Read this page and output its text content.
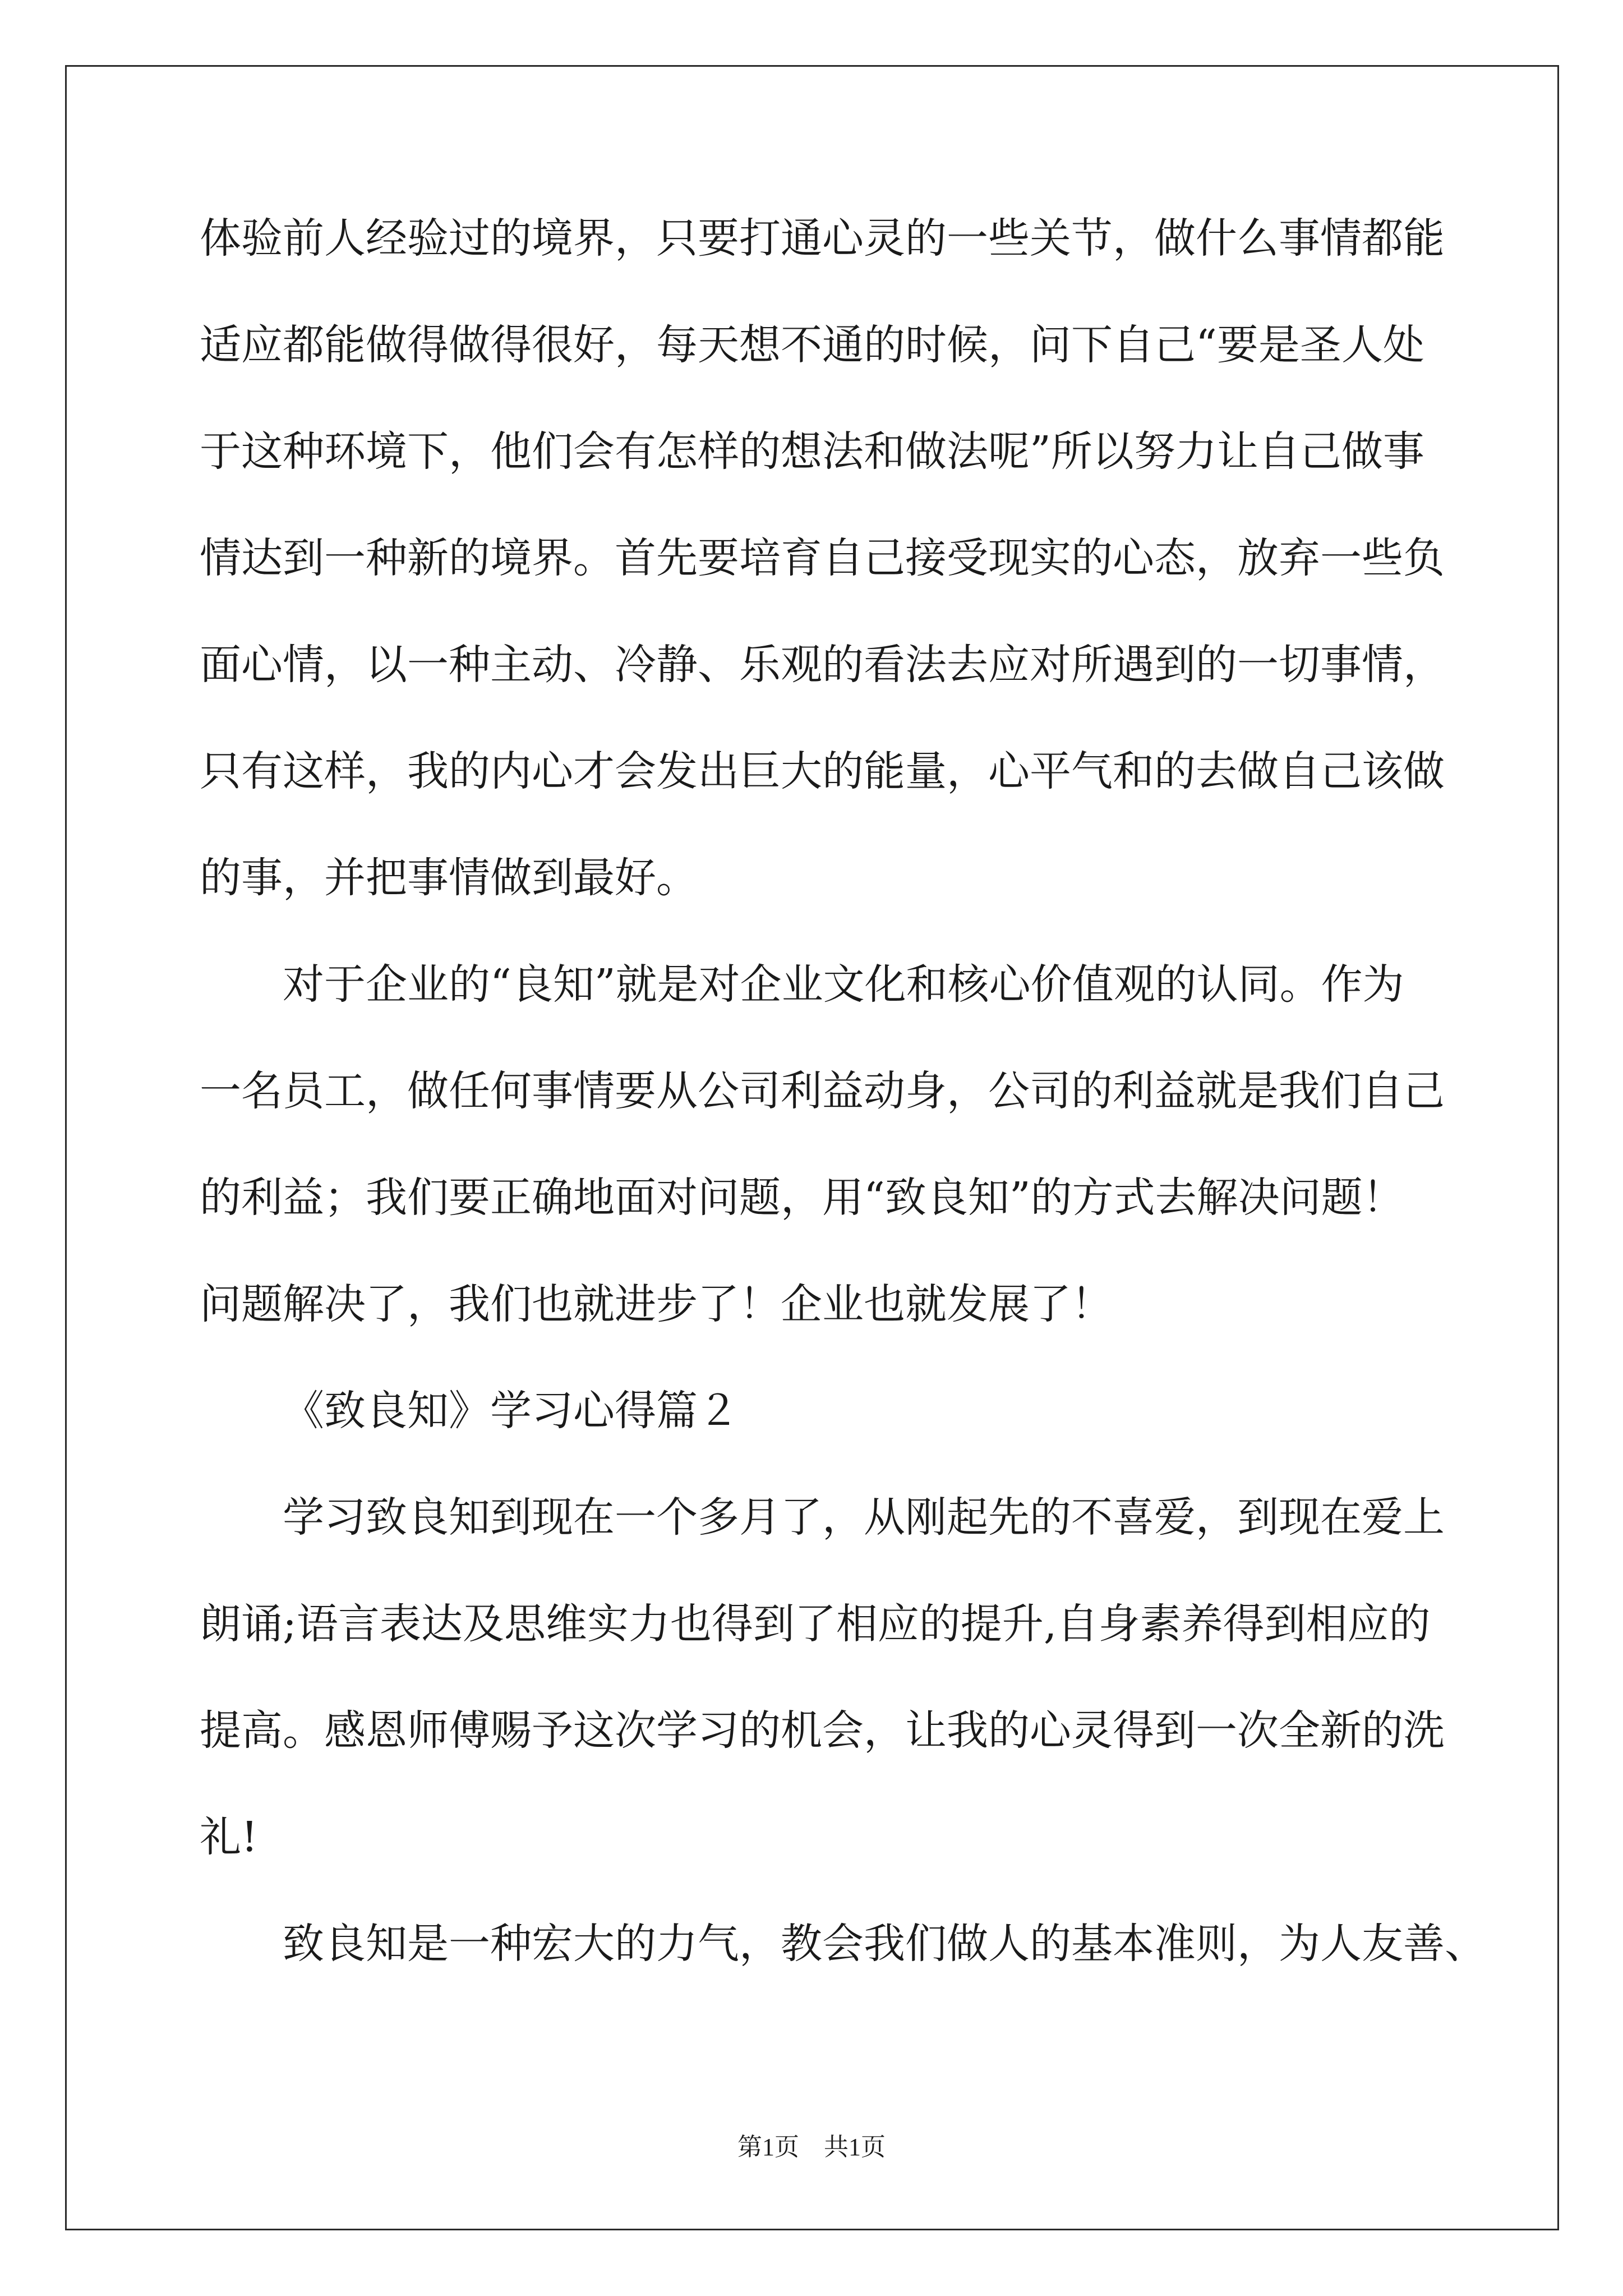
体验前人经验过的境界，只要打通心灵的一些关节，做什么事情都能
适应都能做得做得很好，每天想不通的时候，问下自己“要是圣人处
于这种环境下，他们会有怎样的想法和做法呢”所以努力让自己做事
情达到一种新的境界。首先要培育自己接受现实的心态，放弃一些负
面心情，以一种主动、冷静、乐观的看法去应对所遇到的一切事情，
只有这样，我的内心才会发出巨大的能量，心平气和的去做自己该做
的事，并把事情做到最好。
对于企业的“良知”就是对企业文化和核心价值观的认同。作为
一名员工，做任何事情要从公司利益动身，公司的利益就是我们自己
的利益；我们要正确地面对问题，用“致良知”的方式去解决问题！
问题解决了，我们也就进步了！企业也就发展了！
《致良知》学习心得篇２
学习致良知到现在一个多月了，从刚起先的不喜爱，到现在爱上
朗诵;语言表达及思维实力也得到了相应的提升,自身素养得到相应的
提高。感恩师傅赐予这次学习的机会，让我的心灵得到一次全新的洗
礼!
致良知是一种宏大的力气，教会我们做人的基本准则，为人友善、
第1页　共1页
